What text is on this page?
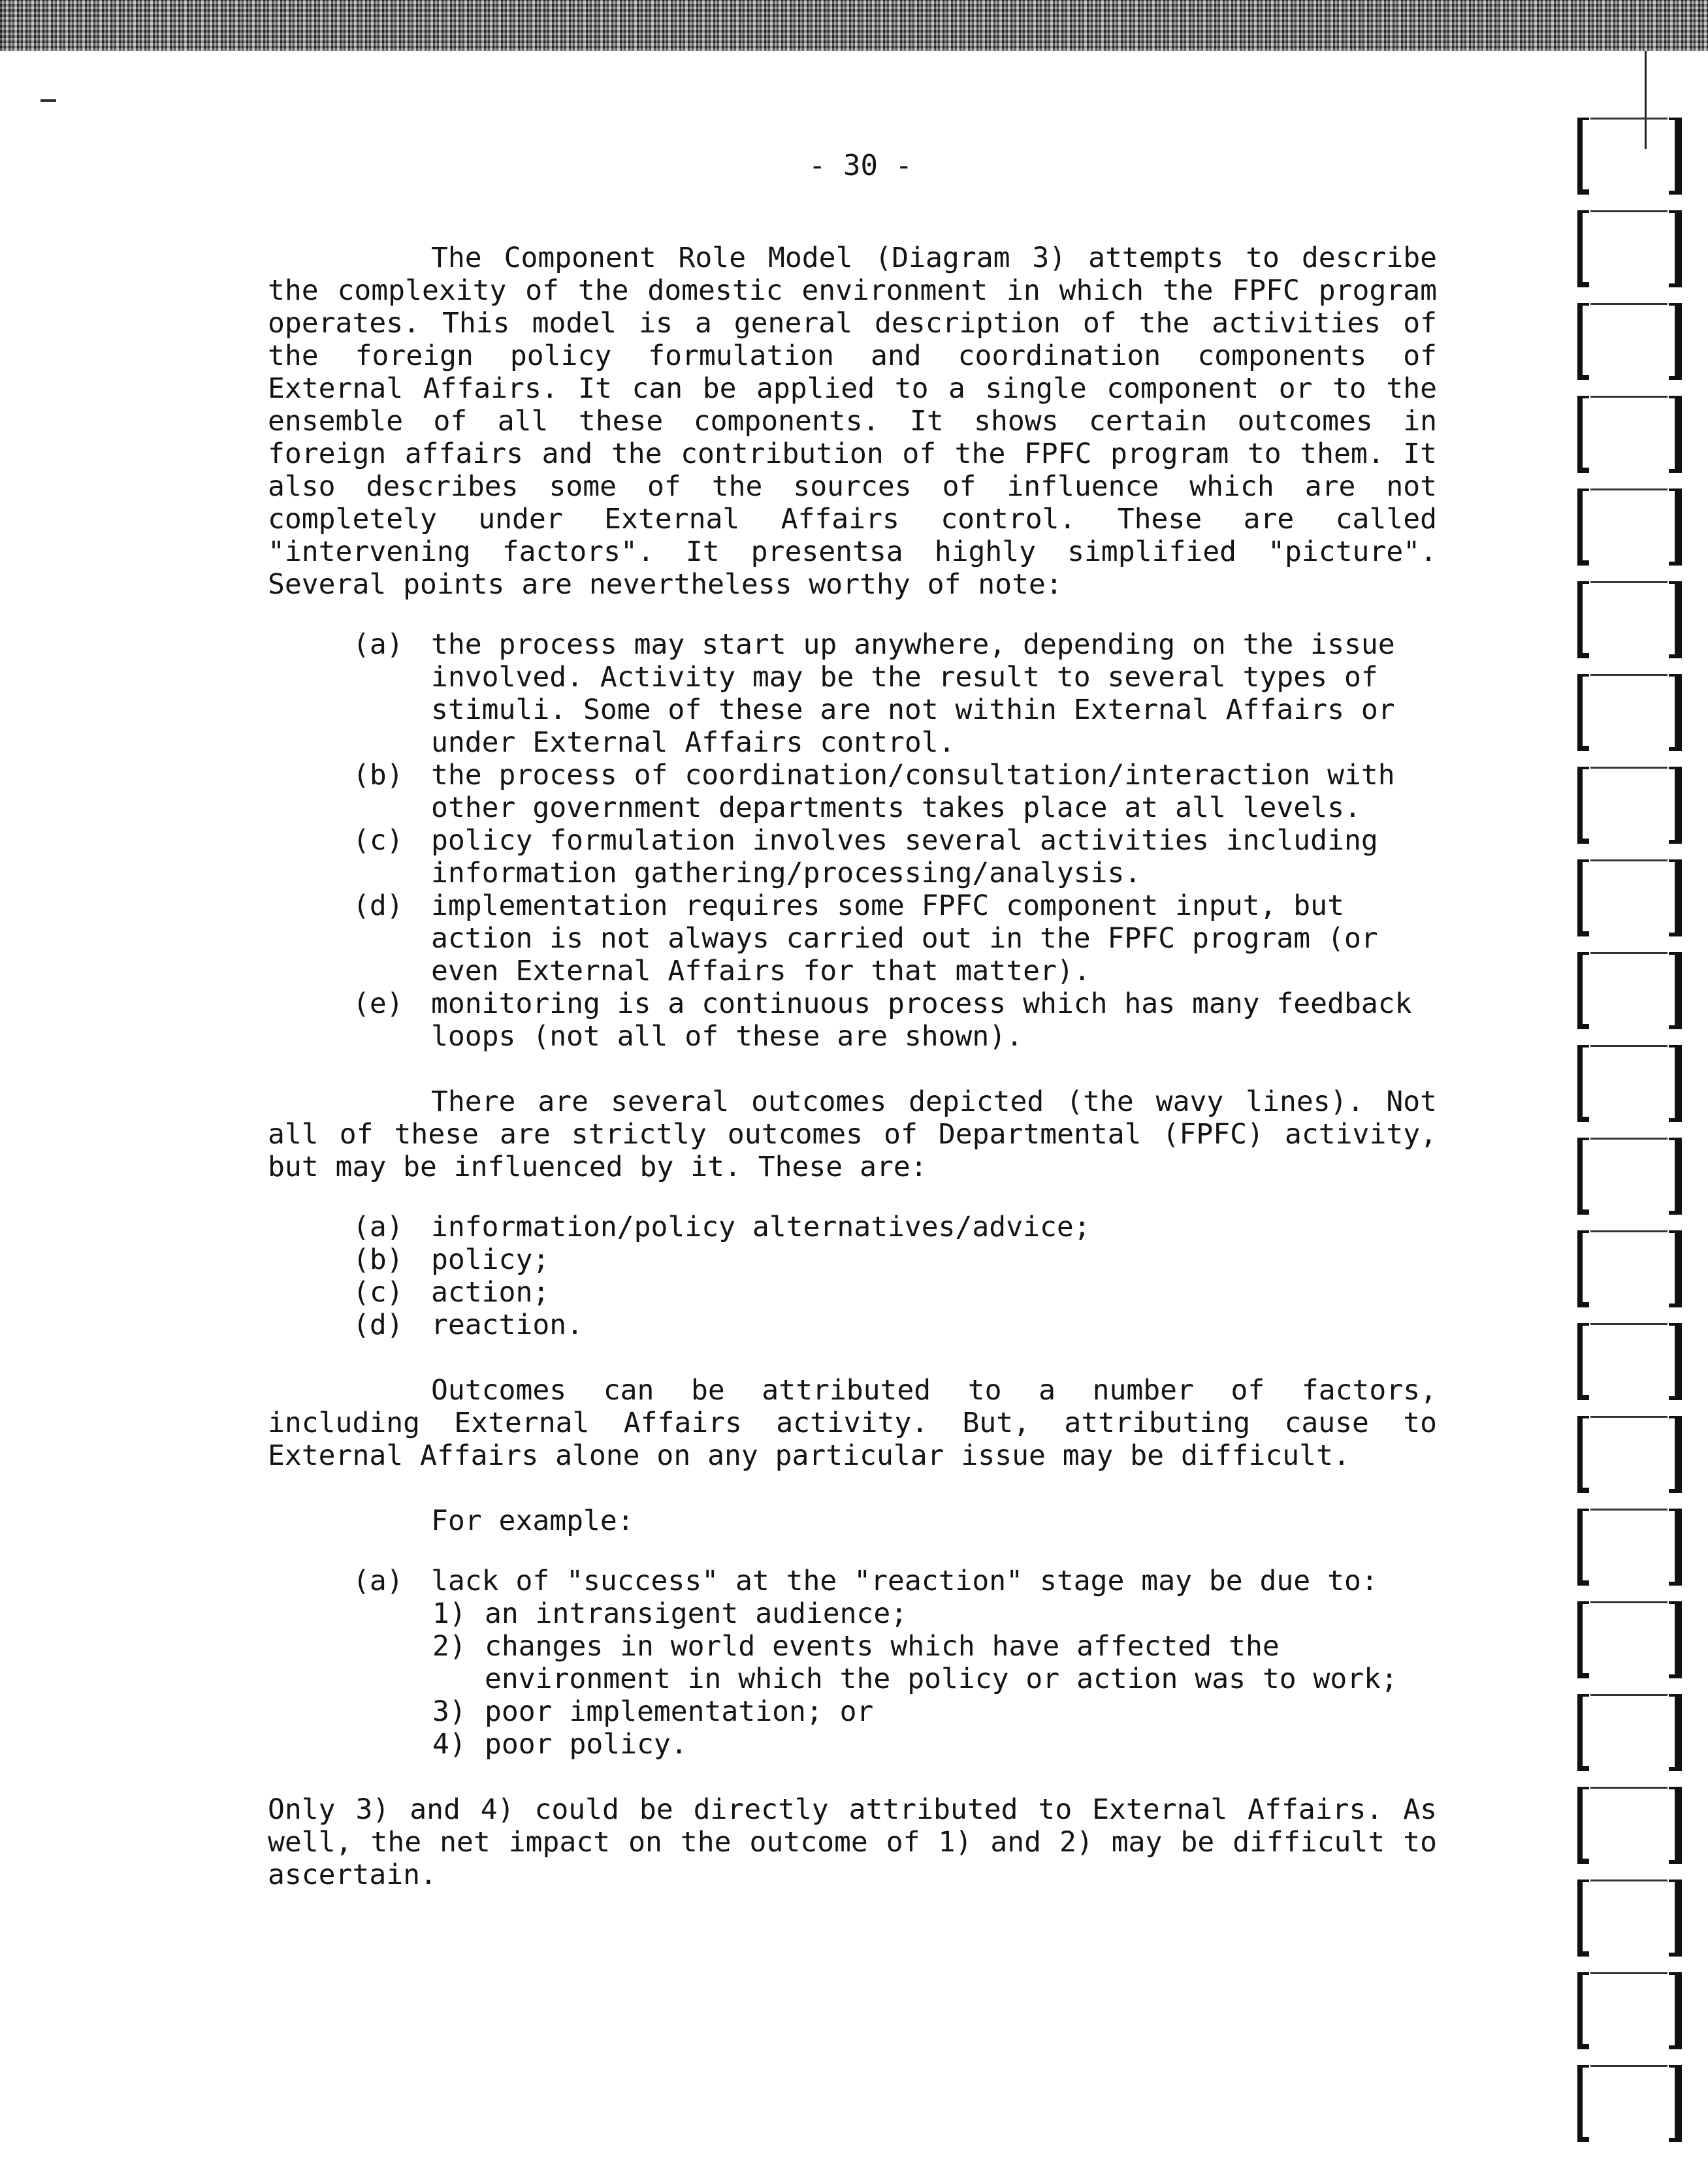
- 30 -

The Component Role Model (Diagram 3) attempts to describe the complexity of the domestic environment in which the FPFC program operates. This model is a general description of the activities of the foreign policy formulation and coordination components of External Affairs. It can be applied to a single component or to the ensemble of all these components. It shows certain outcomes in foreign affairs and the contribution of the FPFC program to them. It also describes some of the sources of influence which are not completely under External Affairs control. These are called "intervening factors". It presentsa highly simplified "picture". Several points are nevertheless worthy of note:

(a) the process may start up anywhere, depending on the issue involved. Activity may be the result to several types of stimuli. Some of these are not within External Affairs or under External Affairs control.
(b) the process of coordination/consultation/interaction with other government departments takes place at all levels.
(c) policy formulation involves several activities including information gathering/processing/analysis.
(d) implementation requires some FPFC component input, but action is not always carried out in the FPFC program (or even External Affairs for that matter).
(e) monitoring is a continuous process which has many feedback loops (not all of these are shown).

There are several outcomes depicted (the wavy lines). Not all of these are strictly outcomes of Departmental (FPFC) activity, but may be influenced by it. These are:

(a) information/policy alternatives/advice;
(b) policy;
(c) action;
(d) reaction.

Outcomes can be attributed to a number of factors, including External Affairs activity. But, attributing cause to External Affairs alone on any particular issue may be difficult.

For example:

(a) lack of "success" at the "reaction" stage may be due to:
1) an intransigent audience;
2) changes in world events which have affected the environment in which the policy or action was to work;
3) poor implementation; or
4) poor policy.

Only 3) and 4) could be directly attributed to External Affairs. As well, the net impact on the outcome of 1) and 2) may be difficult to ascertain.
